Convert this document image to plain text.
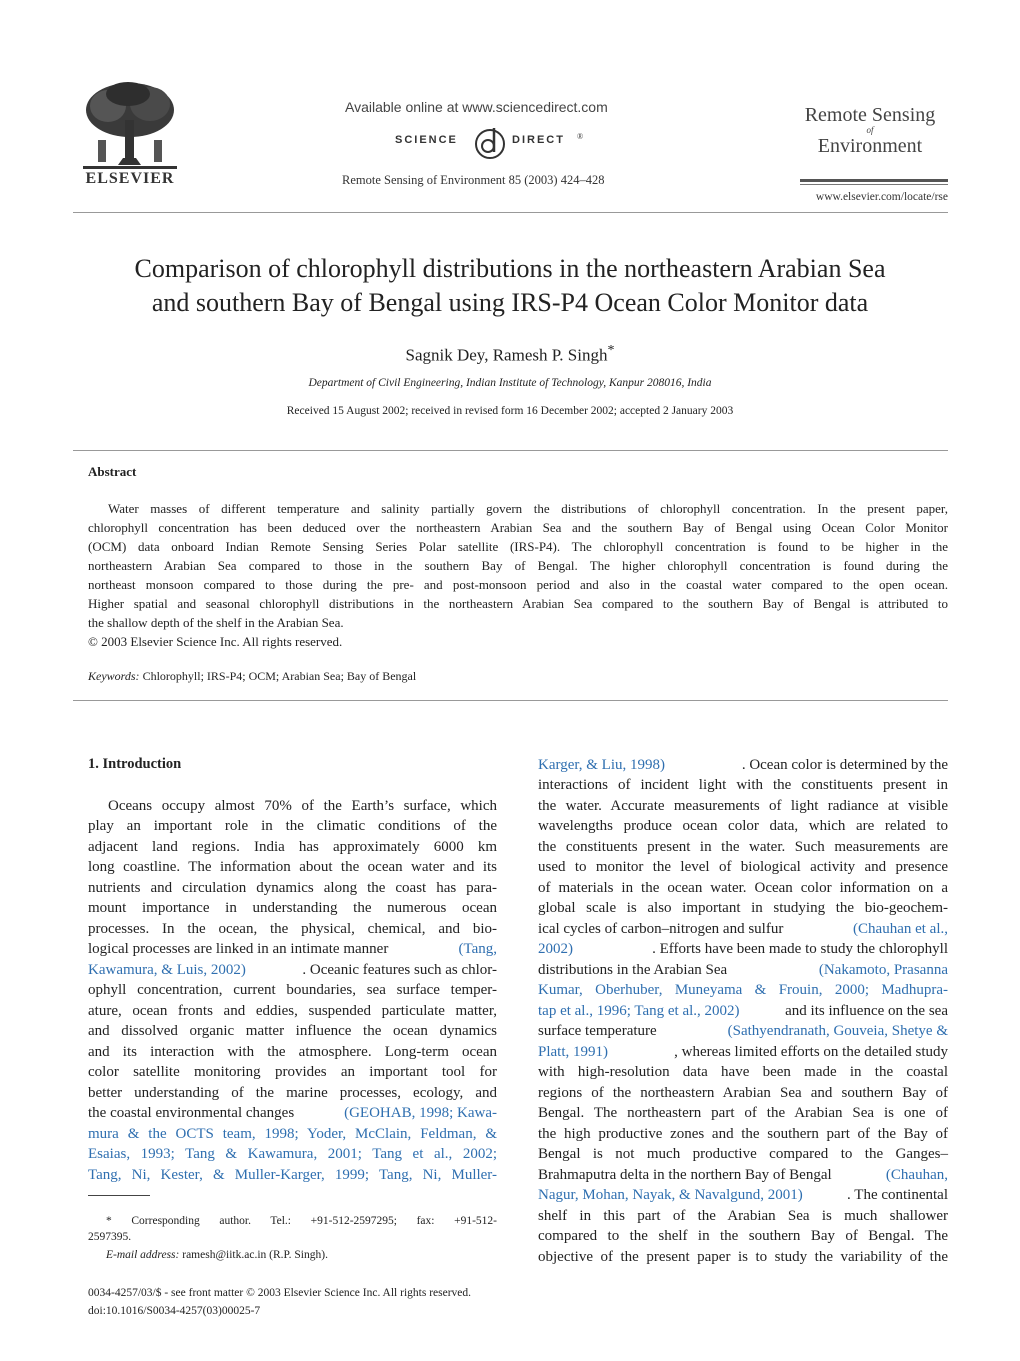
ELSEVIER
Available online at www.sciencedirect.com
SCIENCE	DIRECT ®
Remote Sensing of Environment 85 (2003) 424–428
Remote Sensing
of
Environment
www.elsevier.com/locate/rse
Comparison of chlorophyll distributions in the northeastern Arabian Sea
and southern Bay of Bengal using IRS-P4 Ocean Color Monitor data
Sagnik Dey, Ramesh P. Singh*
Department of Civil Engineering, Indian Institute of Technology, Kanpur 208016, India
Received 15 August 2002; received in revised form 16 December 2002; accepted 2 January 2003
Abstract
Water masses of different temperature and salinity partially govern the distributions of chlorophyll concentration. In the present paper,
chlorophyll concentration has been deduced over the northeastern Arabian Sea and the southern Bay of Bengal using Ocean Color Monitor
(OCM) data onboard Indian Remote Sensing Series Polar satellite (IRS-P4). The chlorophyll concentration is found to be higher in the
northeastern Arabian Sea compared to those in the southern Bay of Bengal. The higher chlorophyll concentration is found during the
northeast monsoon compared to those during the pre- and post-monsoon period and also in the coastal water compared to the open ocean.
Higher spatial and seasonal chlorophyll distributions in the northeastern Arabian Sea compared to the southern Bay of Bengal is attributed to
the shallow depth of the shelf in the Arabian Sea.
© 2003 Elsevier Science Inc. All rights reserved.
Keywords: Chlorophyll; IRS-P4; OCM; Arabian Sea; Bay of Bengal
1. Introduction
Oceans occupy almost 70% of the Earth’s surface, which
play an important role in the climatic conditions of the
adjacent land regions. India has approximately 6000 km
long coastline. The information about the ocean water and its
nutrients and circulation dynamics along the coast has para-
mount importance in understanding the numerous ocean
processes. In the ocean, the physical, chemical, and bio-
logical processes are linked in an intimate manner	(Tang,
Kawamura, & Luis, 2002)	. Oceanic features such as chlor-
ophyll concentration, current boundaries, sea surface temper-
ature, ocean fronts and eddies, suspended particulate matter,
and dissolved organic matter influence the ocean dynamics
and its interaction with the atmosphere. Long-term ocean
color satellite monitoring provides an important tool for
better understanding of the marine processes, ecology, and
the coastal environmental changes	(GEOHAB, 1998; Kawa-
mura & the OCTS team, 1998; Yoder, McClain, Feldman, &
Esaias, 1993; Tang & Kawamura, 2001; Tang et al., 2002;
Tang, Ni, Kester, & Muller-Karger, 1999; Tang, Ni, Muller-
* Corresponding author. Tel.: +91-512-2597295; fax: +91-512-
2597395.
E-mail address: ramesh@iitk.ac.in (R.P. Singh).
Karger, & Liu, 1998)	. Ocean color is determined by the
interactions of incident light with the constituents present in
the water. Accurate measurements of light radiance at visible
wavelengths produce ocean color data, which are related to
the constituents present in the water. Such measurements are
used to monitor the level of biological activity and presence
of materials in the ocean water. Ocean color information on a
global scale is also important in studying the bio-geochem-
ical cycles of carbon–nitrogen and sulfur	(Chauhan et al.,
2002)	. Efforts have been made to study the chlorophyll
distributions in the Arabian Sea	(Nakamoto, Prasanna
Kumar, Oberhuber, Muneyama & Frouin, 2000; Madhupra-
tap et al., 1996; Tang et al., 2002)	and its influence on the sea
surface temperature	(Sathyendranath, Gouveia, Shetye &
Platt, 1991)	, whereas limited efforts on the detailed study
with high-resolution data have been made in the coastal
regions of the northeastern Arabian Sea and southern Bay of
Bengal. The northeastern part of the Arabian Sea is one of
the high productive zones and the southern part of the Bay of
Bengal is not much productive compared to the Ganges–
Brahmaputra delta in the northern Bay of Bengal	(Chauhan,
Nagur, Mohan, Nayak, & Navalgund, 2001)	. The continental
shelf in this part of the Arabian Sea is much shallower
compared to the shelf in the southern Bay of Bengal. The
objective of the present paper is to study the variability of the
0034-4257/03/$ - see front matter © 2003 Elsevier Science Inc. All rights reserved.
doi:10.1016/S0034-4257(03)00025-7
